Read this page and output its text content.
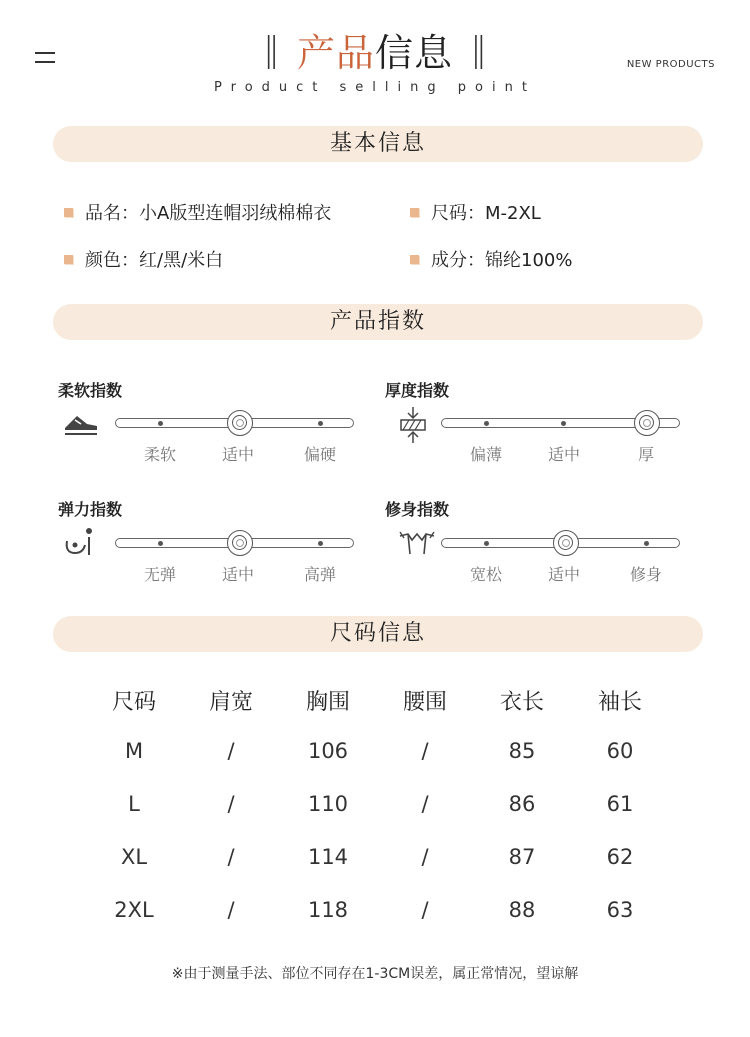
‖ 产品信息 ‖
Product selling point
NEW PRODUCTS
基本信息
品名：小A版型连帽羽绒棉棉衣	尺码：M-2XL
颜色：红/黑/米白	成分：锦纶100%
产品指数
柔软指数
柔软	适中	偏硬
厚度指数
偏薄	适中	厚
弹力指数
无弹	适中	高弹
修身指数
宽松	适中	修身
尺码信息
尺码	肩宽	胸围	腰围	衣长	袖长
M	/	106	/	85	60
L	/	110	/	86	61
XL	/	114	/	87	62
2XL	/	118	/	88	63
※由于测量手法、部位不同存在1-3CM误差，属正常情况，望谅解
